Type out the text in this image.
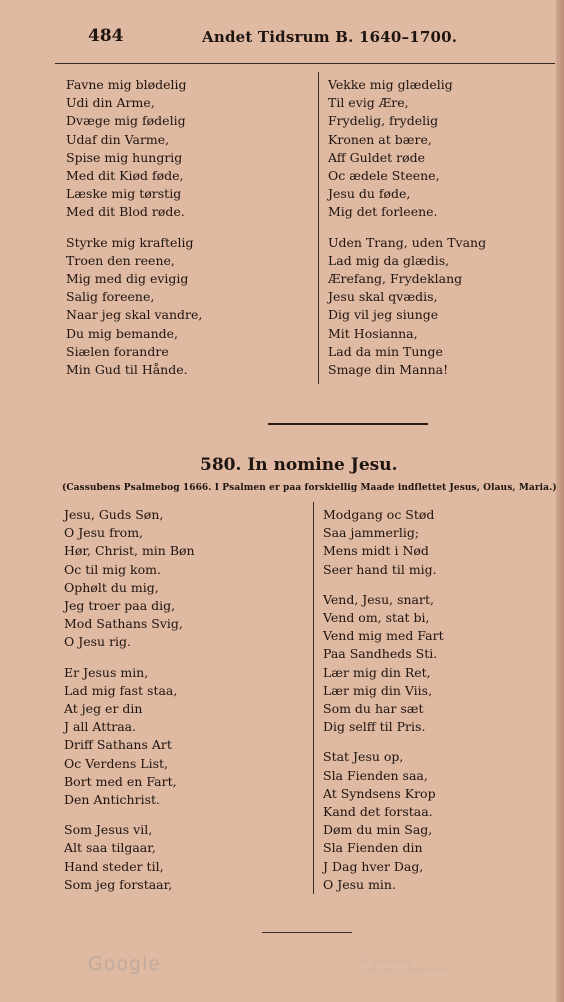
484	Andet Tidsrum B. 1640–1700.
Favne mig blødelig
Udi din Arme,
Dvæge mig fødelig
Udaf din Varme,
Spise mig hungrig
Med dit Kiød føde,
Læske mig tørstig
Med dit Blod røde.
Styrke mig kraftelig
Troen den reene,
Mig med dig evigig
Salig foreene,
Naar jeg skal vandre,
Du mig bemande,
Siælen forandre
Min Gud til Hånde.
Vekke mig glædelig
Til evig Ære,
Frydelig, frydelig
Kronen at bære,
Aff Guldet røde
Oc ædele Steene,
Jesu du føde,
Mig det forleene.
Uden Trang, uden Tvang
Lad mig da glædis,
Ærefang, Frydeklang
Jesu skal qvædis,
Dig vil jeg siunge
Mit Hosianna,
Lad da min Tunge
Smage din Manna!
580. In nomine Jesu.
(Cassubens Psalmebog 1666. I Psalmen er paa forskiellig Maade indflettet Jesus, Olaus, Maria.)
Jesu, Guds Søn,
O Jesu from,
Hør, Christ, min Bøn
Oc til mig kom.
Ophølt du mig,
Jeg troer paa dig,
Mod Sathans Svig,
O Jesu rig.
Er Jesus min,
Lad mig fast staa,
At jeg er din
J all Attraa.
Driff Sathans Art
Oc Verdens List,
Bort med en Fart,
Den Antichrist.
Som Jesus vil,
Alt saa tilgaar,
Hand steder til,
Som jeg forstaar,
Modgang oc Stød
Saa jammerlig;
Mens midt i Nød
Seer hand til mig.
Vend, Jesu, snart,
Vend om, stat bi,
Vend mig med Fart
Paa Sandheds Sti.
Lær mig din Ret,
Lær mig din Viis,
Som du har sæt
Dig selff til Pris.
Stat Jesu op,
Sla Fienden saa,
At Syndsens Krop
Kand det forstaa.
Døm du min Sag,
Sla Fienden din
J Dag hver Dag,
O Jesu min.
Google	Original from
HARVARD UNIVERSITY
